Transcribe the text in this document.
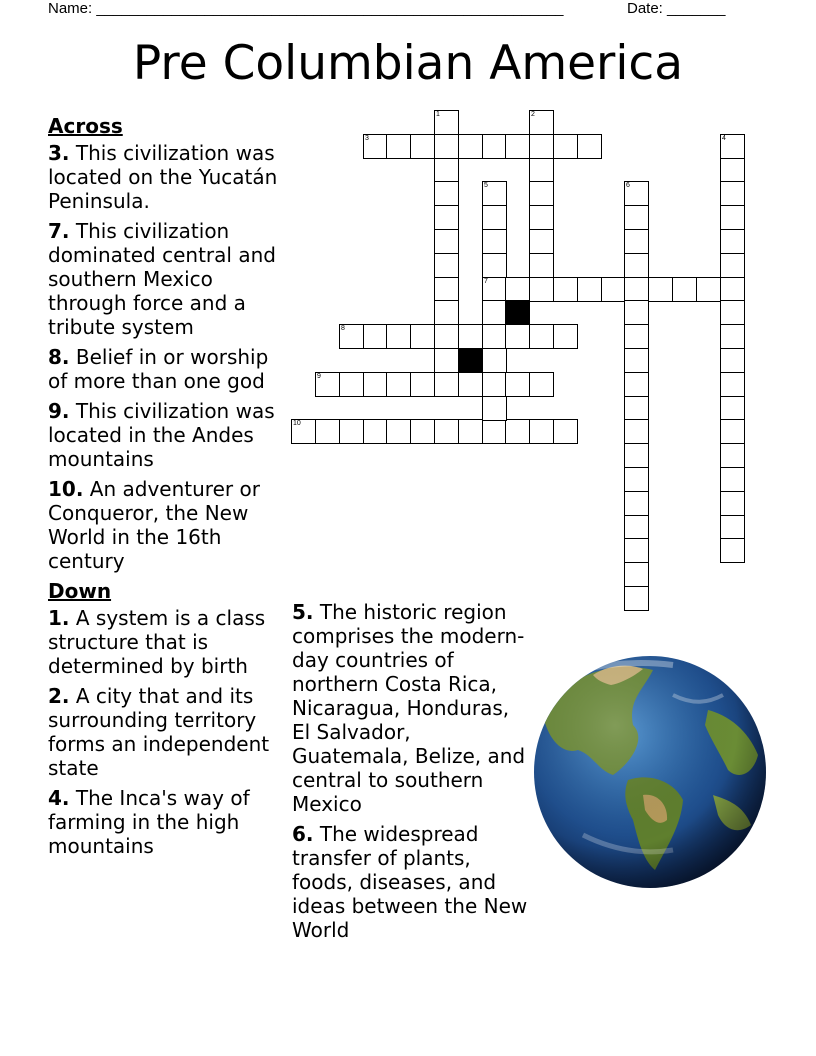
Name: ________________________________________________________	Date: _______
Pre Columbian America
Across
3. This civilization was located on the Yucatán Peninsula.
7. This civilization dominated central and southern Mexico through force and a tribute system
8. Belief in or worship of more than one god
9. This civilization was located in the Andes mountains
10. An adventurer or Conqueror, the New World in the 16th century
Down
1. A system is a class structure that is determined by birth
2. A city that and its surrounding territory forms an independent state
4. The Inca's way of farming in the high mountains
5. The historic region comprises the modern-day countries of northern Costa Rica, Nicaragua, Honduras, El Salvador, Guatemala, Belize, and central to southern Mexico
6. The widespread transfer of plants, foods, diseases, and ideas between the New World
3
7
8
9
10
1	2
4
5	6
